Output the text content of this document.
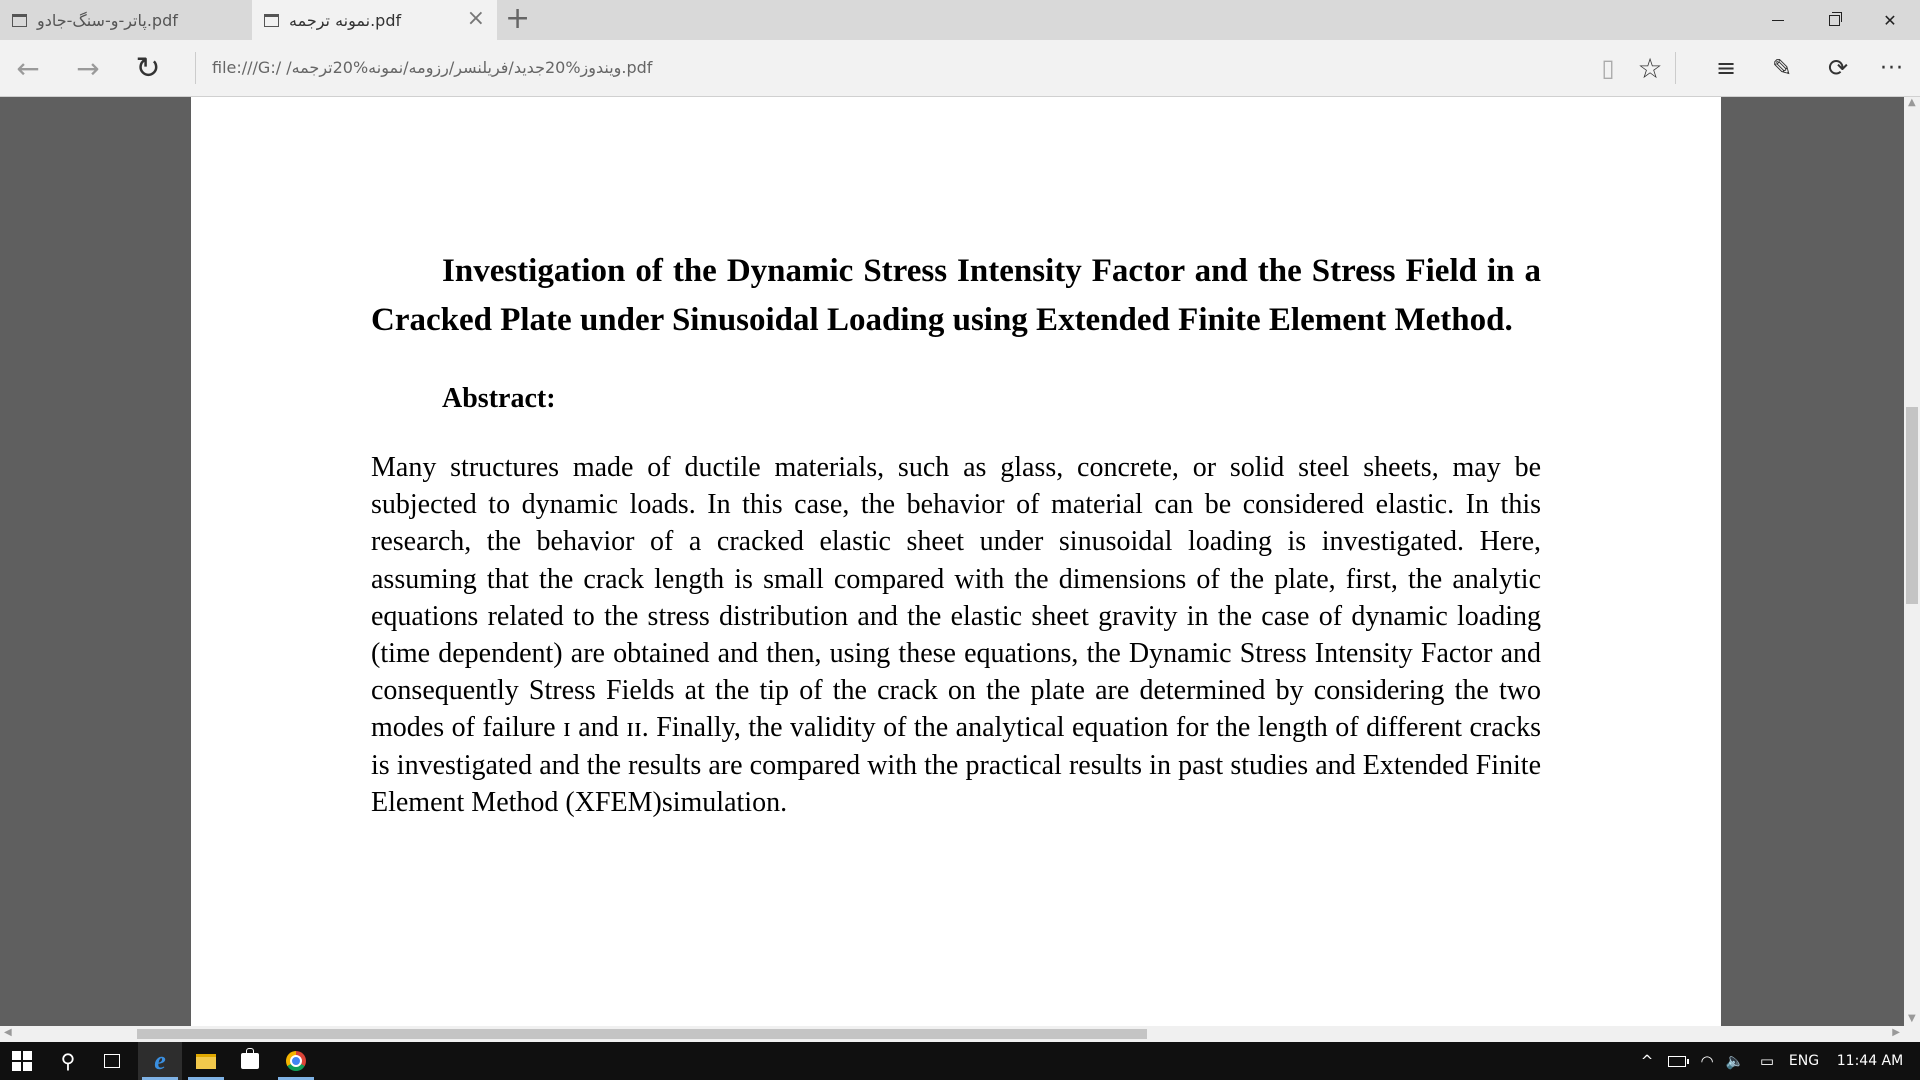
پاتر-و-سنگ-جادو.pdf	نمونه ترجمه.pdf	× +	✕
← → ↻	file:///G:/ /ویندوز%20جدید/فریلنسر/رزومه/نمونه%20ترجمه.pdf	▯ ☆	≡	✎	⟳	···

Investigation of the Dynamic Stress Intensity Factor and the Stress Field in a Cracked Plate under Sinusoidal Loading using Extended Finite Element Method.

Abstract:

Many structures made of ductile materials, such as glass, concrete, or solid steel sheets, may be subjected to dynamic loads. In this case, the behavior of material can be considered elastic. In this research, the behavior of a cracked elastic sheet under sinusoidal loading is investigated. Here, assuming that the crack length is small compared with the dimensions of the plate, first, the analytic equations related to the stress distribution and the elastic sheet gravity in the case of dynamic loading (time dependent) are obtained and then, using these equations, the Dynamic Stress Intensity Factor and consequently Stress Fields at the tip of the crack on the plate are determined by considering the two modes of failure ɪ and ɪɪ. Finally, the validity of the analytical equation for the length of different cracks is investigated and the results are compared with the practical results in past studies and Extended Finite Element Method (XFEM)simulation.

▲
▼
◀	▶
⚲	e	^	◠ 🔈	▭	ENG	11:44 AM
